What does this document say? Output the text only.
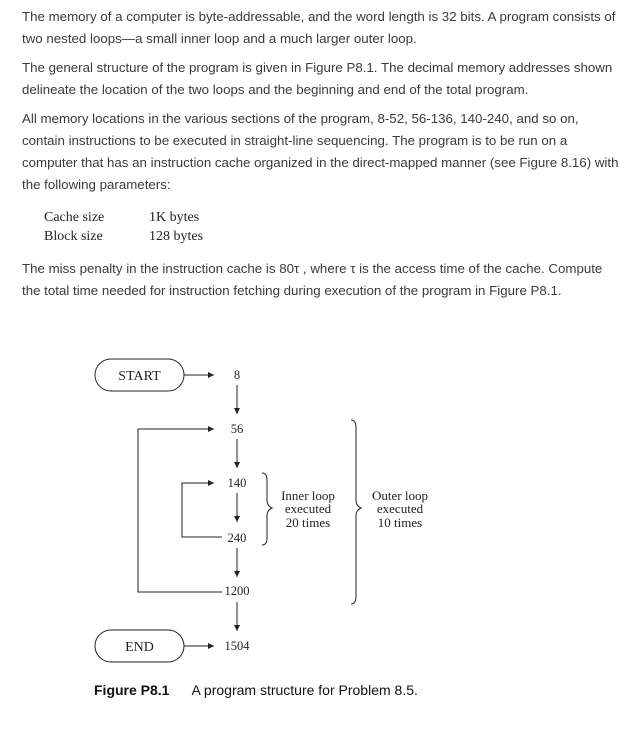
The memory of a computer is byte-addressable, and the word length is 32 bits. A program consists of two nested loops—a small inner loop and a much larger outer loop.

The general structure of the program is given in Figure P8.1. The decimal memory addresses shown delineate the location of the two loops and the beginning and end of the total program.

All memory locations in the various sections of the program, 8-52, 56-136, 140-240, and so on, contain instructions to be executed in straight-line sequencing. The program is to be run on a computer that has an instruction cache organized in the direct-mapped manner (see Figure 8.16) with the following parameters:

Cache size	1K bytes
Block size	128 bytes

The miss penalty in the instruction cache is 80τ , where τ is the access time of the cache. Compute the total time needed for instruction fetching during execution of the program in Figure P8.1.

START
END
8
56
140
240
1200
1504
Inner loop
executed
20 times
Outer loop
executed
10 times
Figure P8.1 A program structure for Problem 8.5.
